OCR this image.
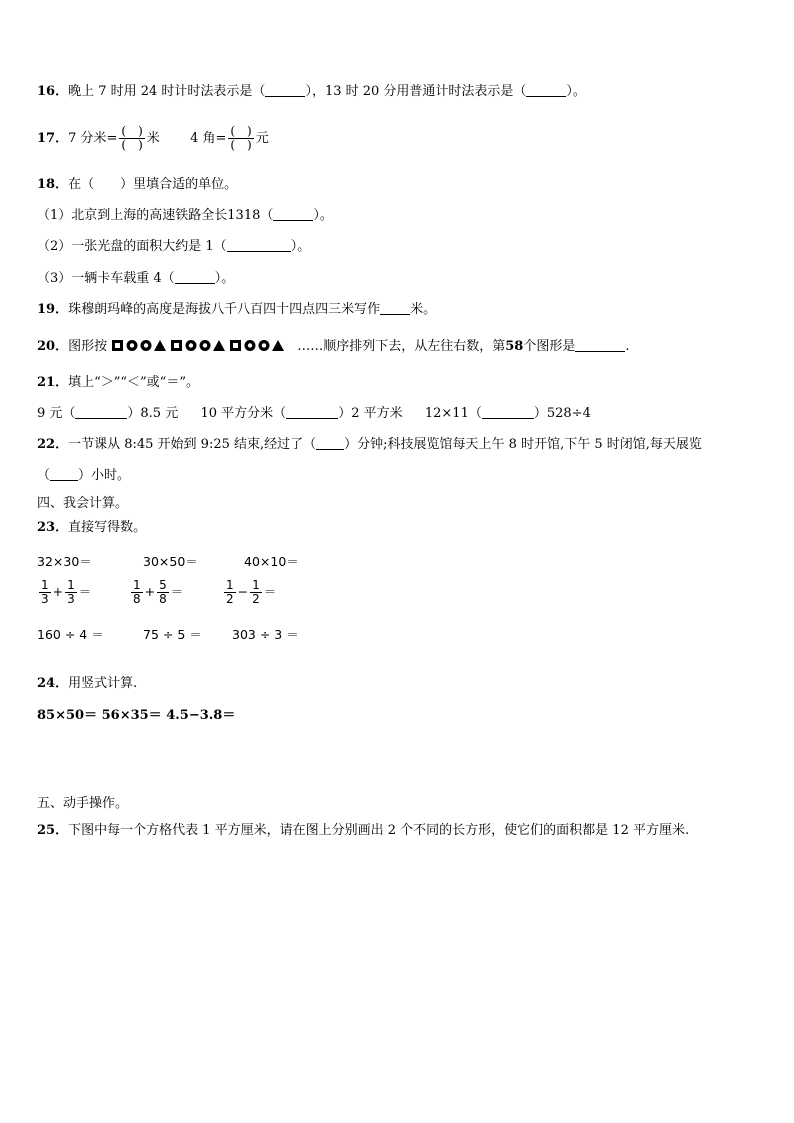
16．晚上 7 时用 24 时计时法表示是（	），13 时 20 分用普通计时法表示是（	）。
17．7 分米= $\frac{( )}{( )}$ 米 4 角= $\frac{( )}{( )}$ 元
18．在（　　）里填合适的单位。
（1）北京到上海的高速铁路全长1318（	）。
（2）一张光盘的面积大约是 1（	）。
（3）一辆卡车载重 4（	）。
19．珠穆朗玛峰的高度是海拔八千八百四十四点四三米写作 米。
20．图形按	……顺序排列下去，从左往右数，第58个图形是	.
21．填上“＞”“＜”或“＝”。
9 元（	）8.5 元 10 平方分米（	）2 平方米 12×11（	）528÷4
22．一节课从 8:45 开始到 9:25 结束,经过了（ ）分钟;科技展览馆每天上午 8 时开馆,下午 5 时闭馆,每天展览
（ ）小时。
四、我会计算。
23．直接写得数。
32×30＝	30×50＝	40×10＝
$\frac{1}{3} + \frac{1}{3}$ ＝	$\frac{1}{8} + \frac{5}{8}$ ＝	$\frac{1}{2} - \frac{1}{2}$ ＝
160 ÷ 4 ＝	75 ÷ 5 ＝ 303 ÷ 3 ＝
24．用竖式计算.
85×50＝ 56×35＝ 4.5−3.8＝
五、动手操作。
25．下图中每一个方格代表 1 平方厘米，请在图上分别画出 2 个不同的长方形，使它们的面积都是 12 平方厘米.
